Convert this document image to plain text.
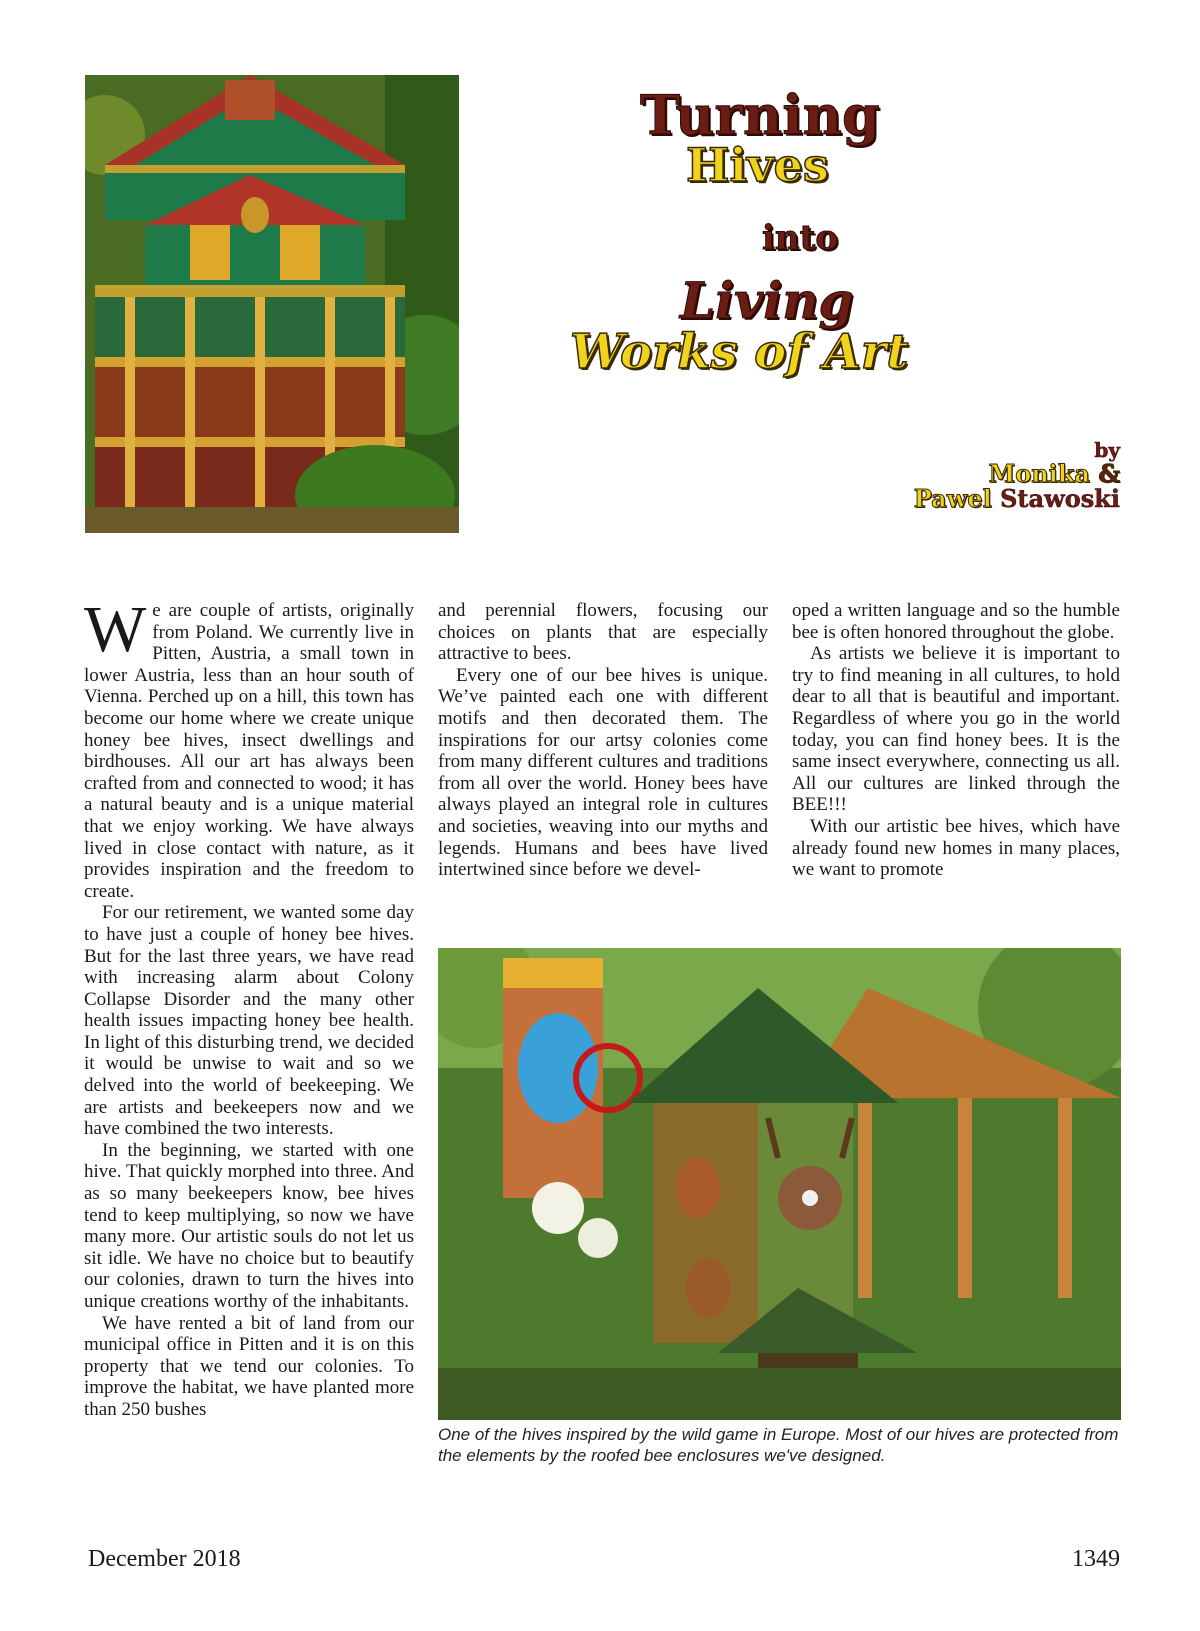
Turning
Hives
into
Living
Works of Art
by
Monika &
Pawel Stawoski

We are couple of artists, originally from Poland. We currently live in Pitten, Austria, a small town in lower Austria, less than an hour south of Vienna. Perched up on a hill, this town has become our home where we create unique honey bee hives, insect dwellings and birdhouses. All our art has always been crafted from and connected to wood; it has a natural beauty and is a unique material that we enjoy working. We have always lived in close contact with nature, as it provides inspiration and the freedom to create.

For our retirement, we wanted some day to have just a couple of honey bee hives. But for the last three years, we have read with increasing alarm about Colony Collapse Disorder and the many other health issues impacting honey bee health. In light of this disturbing trend, we decided it would be unwise to wait and so we delved into the world of beekeeping. We are artists and beekeepers now and we have combined the two interests.

In the beginning, we started with one hive. That quickly morphed into three. And as so many beekeepers know, bee hives tend to keep multiplying, so now we have many more. Our artistic souls do not let us sit idle. We have no choice but to beautify our colonies, drawn to turn the hives into unique creations worthy of the inhabitants.

We have rented a bit of land from our municipal office in Pitten and it is on this property that we tend our colonies. To improve the habitat, we have planted more than 250 bushes

and perennial flowers, focusing our choices on plants that are especially attractive to bees.

Every one of our bee hives is unique. We’ve painted each one with different motifs and then decorated them. The inspirations for our artsy colonies come from many different cultures and traditions from all over the world. Honey bees have always played an integral role in cultures and societies, weaving into our myths and legends. Humans and bees have lived intertwined since before we devel-

oped a written language and so the humble bee is often honored throughout the globe.

As artists we believe it is important to try to find meaning in all cultures, to hold dear to all that is beautiful and important. Regardless of where you go in the world today, you can find honey bees. It is the same insect everywhere, connecting us all. All our cultures are linked through the BEE!!!

With our artistic bee hives, which have already found new homes in many places, we want to promote

One of the hives inspired by the wild game in Europe. Most of our hives are protected from the elements by the roofed bee enclosures we've designed.
December 2018	1349
